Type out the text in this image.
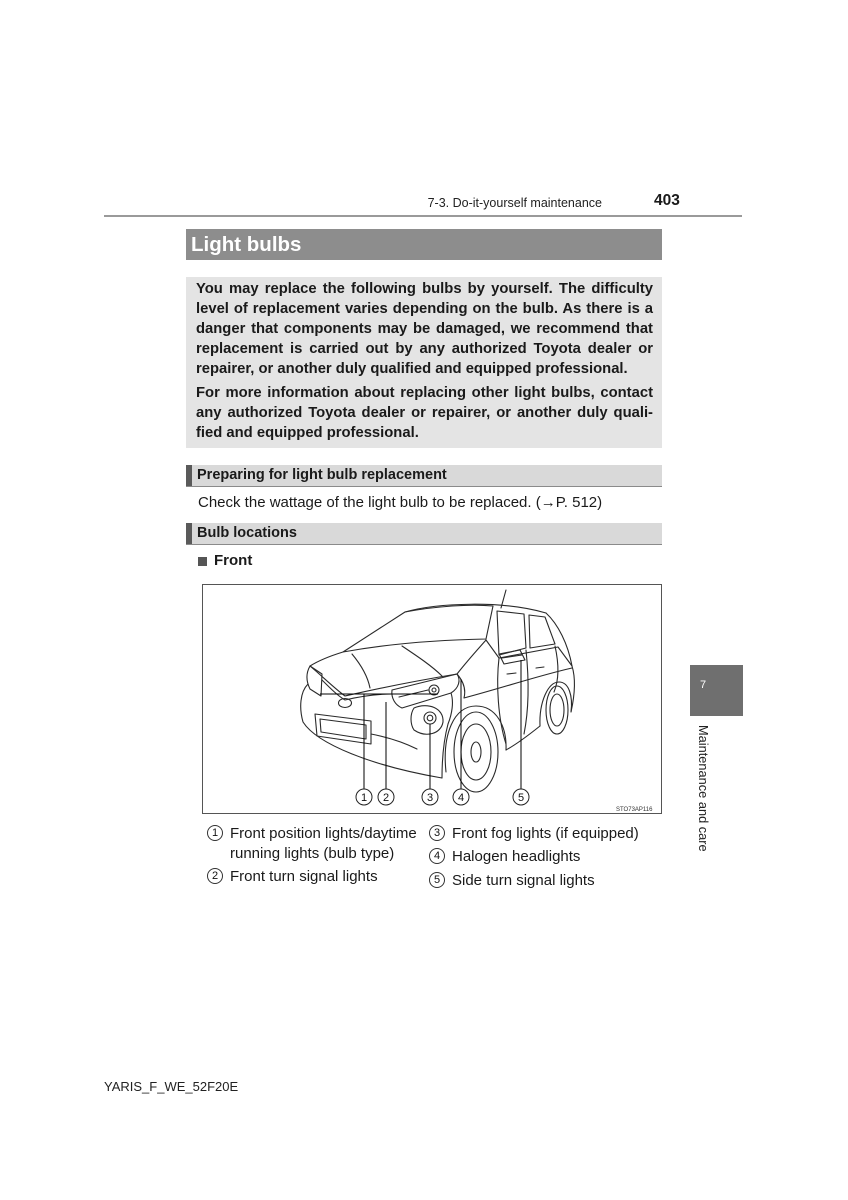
7-3. Do-it-yourself maintenance	403
Light bulbs
You may replace the following bulbs by yourself. The difficulty
level of replacement varies depending on the bulb. As there is a
danger that components may be damaged, we recommend that
replacement is carried out by any authorized Toyota dealer or
repairer, or another duly qualified and equipped professional.
For more information about replacing other light bulbs, contact
any authorized Toyota dealer or repairer, or another duly quali-
fied and equipped professional.
Preparing for light bulb replacement
Check the wattage of the light bulb to be replaced. (→P. 512)
Bulb locations
Front
1 2	3 4	5
STO73AP116
1 Front position lights/daytime running lights (bulb type)
2 Front turn signal lights
3 Front fog lights (if equipped)
4 Halogen headlights
5 Side turn signal lights
7
Maintenance and care
YARIS_F_WE_52F20E
